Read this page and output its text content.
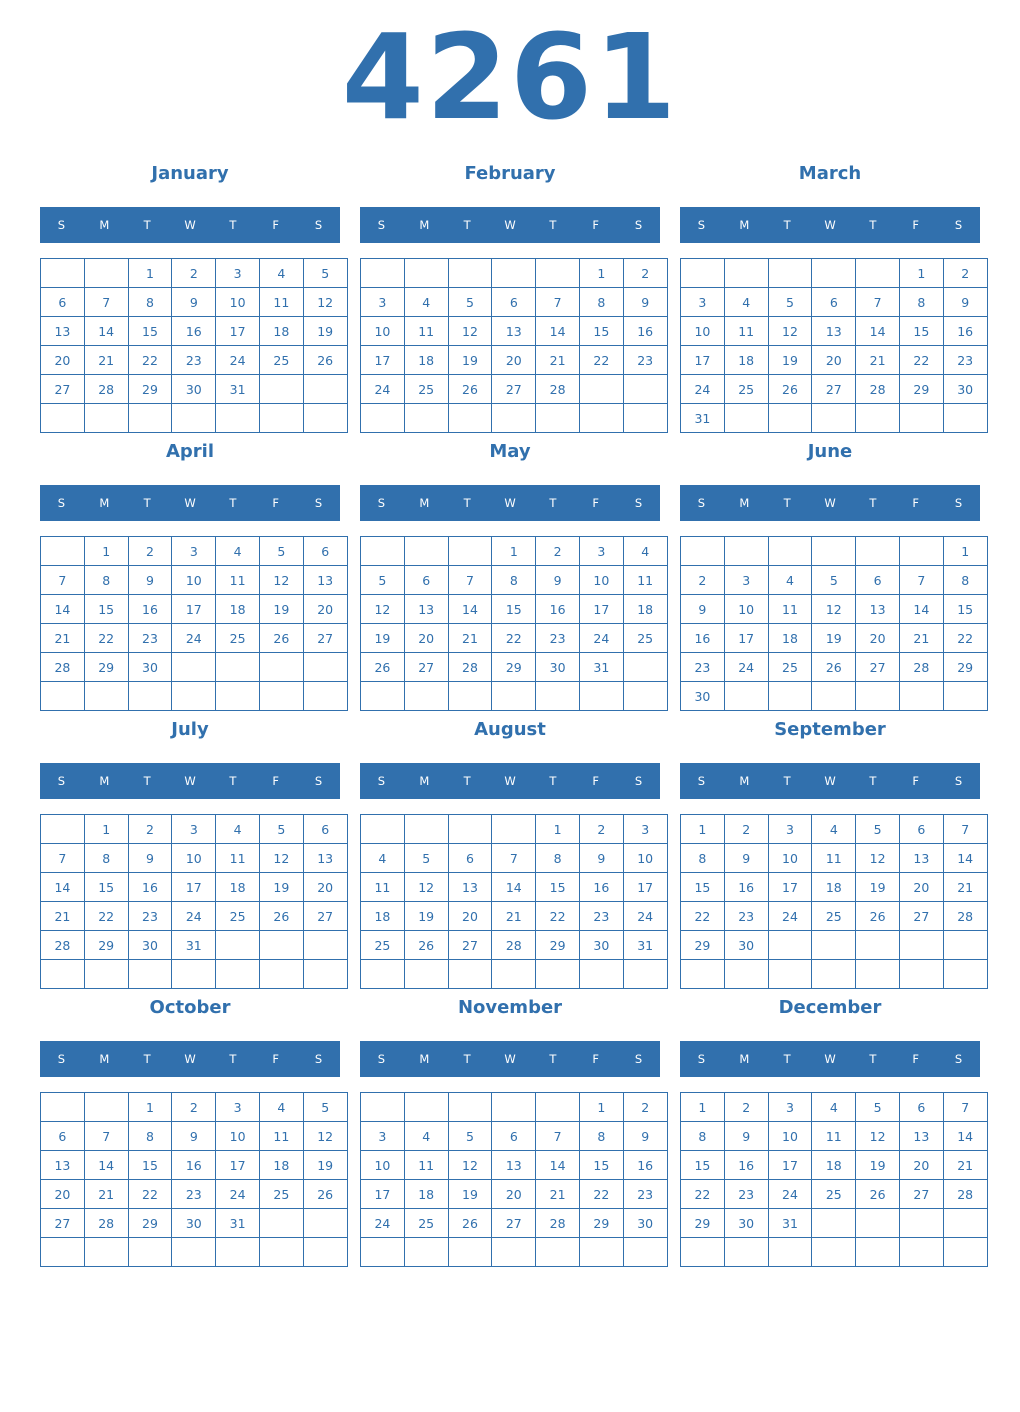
4261
January
S	M	T	W	T	F	S
		1	2	3	4	5
6	7	8	9	10	11	12
13	14	15	16	17	18	19
20	21	22	23	24	25	26
27	28	29	30	31		

February
S	M	T	W	T	F	S
					1	2
3	4	5	6	7	8	9
10	11	12	13	14	15	16
17	18	19	20	21	22	23
24	25	26	27	28		

March
S	M	T	W	T	F	S
					1	2
3	4	5	6	7	8	9
10	11	12	13	14	15	16
17	18	19	20	21	22	23
24	25	26	27	28	29	30
31						
April
S	M	T	W	T	F	S
	1	2	3	4	5	6
7	8	9	10	11	12	13
14	15	16	17	18	19	20
21	22	23	24	25	26	27
28	29	30				

May
S	M	T	W	T	F	S
			1	2	3	4
5	6	7	8	9	10	11
12	13	14	15	16	17	18
19	20	21	22	23	24	25
26	27	28	29	30	31	

June
S	M	T	W	T	F	S
						1
2	3	4	5	6	7	8
9	10	11	12	13	14	15
16	17	18	19	20	21	22
23	24	25	26	27	28	29
30						
July
S	M	T	W	T	F	S
	1	2	3	4	5	6
7	8	9	10	11	12	13
14	15	16	17	18	19	20
21	22	23	24	25	26	27
28	29	30	31			

August
S	M	T	W	T	F	S
				1	2	3
4	5	6	7	8	9	10
11	12	13	14	15	16	17
18	19	20	21	22	23	24
25	26	27	28	29	30	31

September
S	M	T	W	T	F	S
1	2	3	4	5	6	7
8	9	10	11	12	13	14
15	16	17	18	19	20	21
22	23	24	25	26	27	28
29	30					

October
S	M	T	W	T	F	S
		1	2	3	4	5
6	7	8	9	10	11	12
13	14	15	16	17	18	19
20	21	22	23	24	25	26
27	28	29	30	31		

November
S	M	T	W	T	F	S
					1	2
3	4	5	6	7	8	9
10	11	12	13	14	15	16
17	18	19	20	21	22	23
24	25	26	27	28	29	30

December
S	M	T	W	T	F	S
1	2	3	4	5	6	7
8	9	10	11	12	13	14
15	16	17	18	19	20	21
22	23	24	25	26	27	28
29	30	31				
